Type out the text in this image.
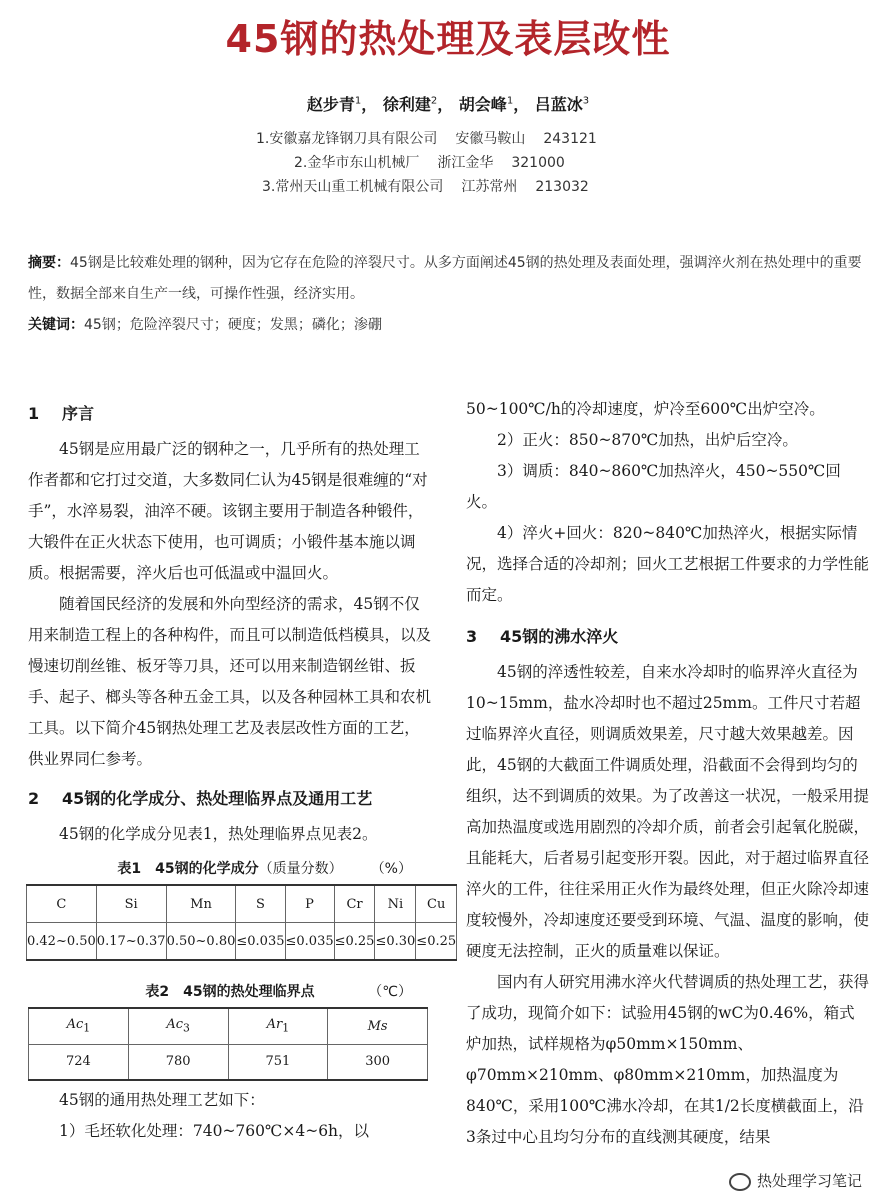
45钢的热处理及表层改性
赵步青$^1$， 徐利建$^2$， 胡会峰$^1$， 吕蓝冰$^3$
1.安徽嘉龙锋钢刀具有限公司 安徽马鞍山 243121
2.金华市东山机械厂 浙江金华 321000
3.常州天山重工机械有限公司 江苏常州 213032
摘要：45钢是比较难处理的钢种，因为它存在危险的淬裂尺寸。从多方面阐述45钢的热处理及表面处理，强调淬火剂在热处理中的重要性，数据全部来自生产一线，可操作性强，经济实用。
关键词：45钢；危险淬裂尺寸；硬度；发黑；磷化；渗硼
1 序言

45钢是应用最广泛的钢种之一，几乎所有的热处理工作者都和它打过交道，大多数同仁认为45钢是很难缠的“对手”，水淬易裂，油淬不硬。该钢主要用于制造各种锻件，大锻件在正火状态下使用，也可调质；小锻件基本施以调质。根据需要，淬火后也可低温或中温回火。

随着国民经济的发展和外向型经济的需求，45钢不仅用来制造工程上的各种构件，而且可以制造低档模具，以及慢速切削丝锥、板牙等刀具，还可以用来制造钢丝钳、扳手、起子、榔头等各种五金工具，以及各种园林工具和农机工具。以下简介45钢热处理工艺及表层改性方面的工艺，供业界同仁参考。

2 45钢的化学成分、热处理临界点及通用工艺

45钢的化学成分见表1，热处理临界点见表2。

表1　45钢的化学成分（质量分数） （%）
C	Si	Mn	S	P	Cr	Ni	Cu
0.42~0.50	0.17~0.37	0.50~0.80	≤0.035	≤0.035	≤0.25	≤0.30	≤0.25
表2　45钢的热处理临界点	（℃）
$Ac_1$	$Ac_3$	$Ar_1$	Ms
724	780	751	300

45钢的通用热处理工艺如下：

1）毛坯软化处理：740~760℃×4~6h，以

50~100℃/h的冷却速度，炉冷至600℃出炉空冷。

2）正火：850~870℃加热，出炉后空冷。

3）调质：840~860℃加热淬火，450~550℃回火。

4）淬火+回火：820~840℃加热淬火，根据实际情况，选择合适的冷却剂；回火工艺根据工件要求的力学性能而定。

3 45钢的沸水淬火

45钢的淬透性较差，自来水冷却时的临界淬火直径为10~15mm，盐水冷却时也不超过25mm。工件尺寸若超过临界淬火直径，则调质效果差，尺寸越大效果越差。因此，45钢的大截面工件调质处理，沿截面不会得到均匀的组织，达不到调质的效果。为了改善这一状况，一般采用提高加热温度或选用剧烈的冷却介质，前者会引起氧化脱碳，且能耗大，后者易引起变形开裂。因此，对于超过临界直径淬火的工件，往往采用正火作为最终处理，但正火除冷却速度较慢外，冷却速度还要受到环境、气温、温度的影响，使硬度无法控制，正火的质量难以保证。

国内有人研究用沸水淬火代替调质的热处理工艺，获得了成功，现简介如下：试验用45钢的wC为0.46%，箱式炉加热，试样规格为φ50mm×150mm、φ70mm×210mm、φ80mm×210mm，加热温度为840℃，采用100℃沸水冷却，在其1/2长度横截面上，沿3条过中心且均匀分布的直线测其硬度，结果

热处理学习笔记
